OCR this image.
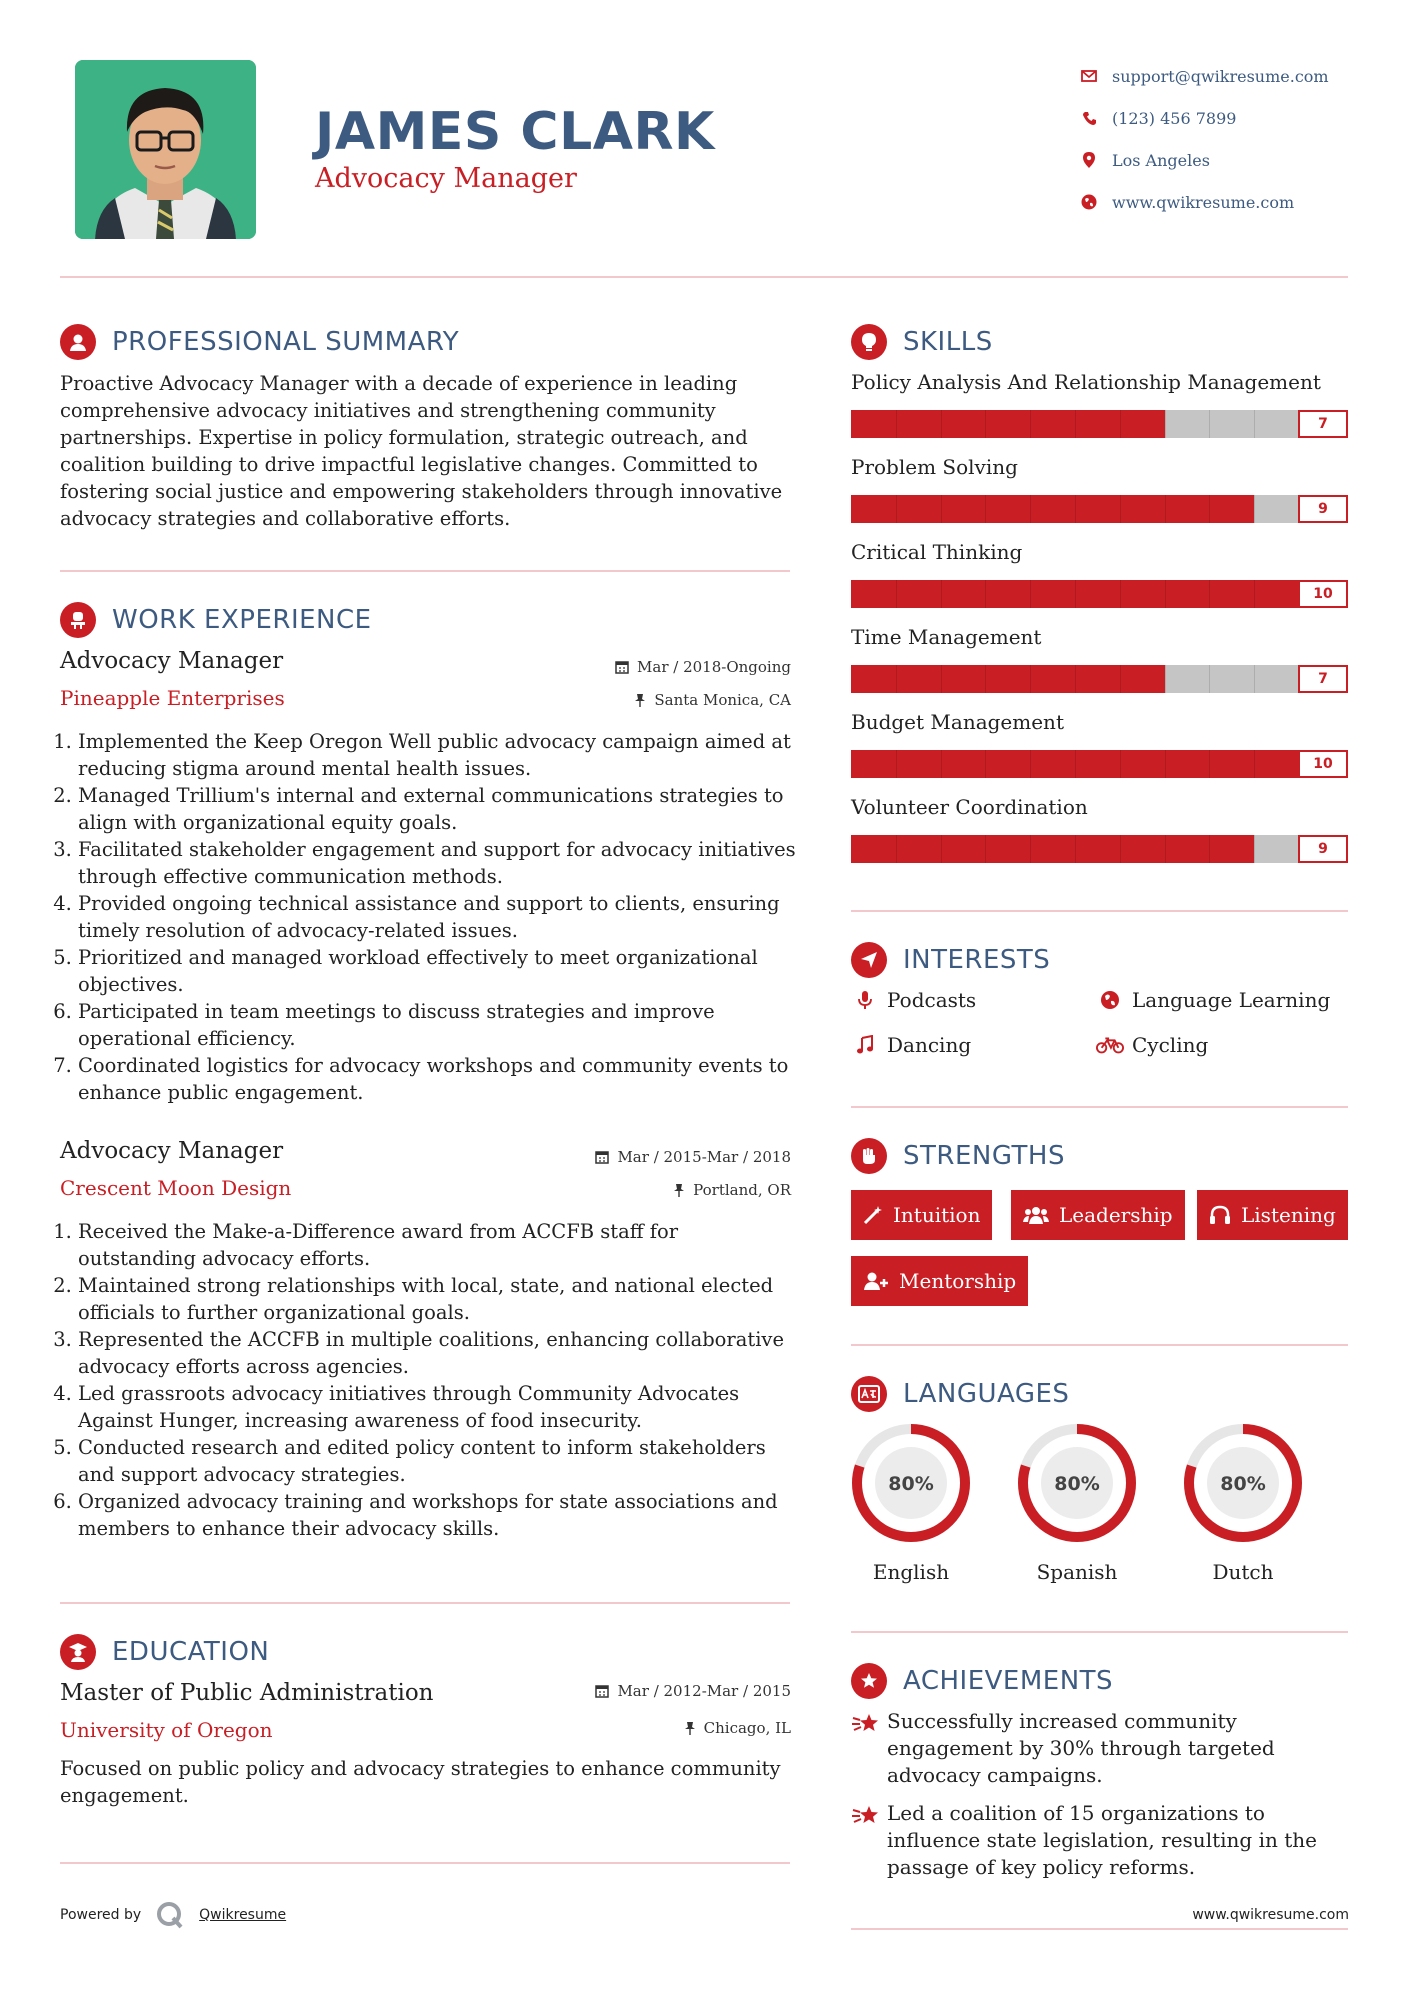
JAMES CLARK
Advocacy Manager
support@qwikresume.com
(123) 456 7899
Los Angeles
www.qwikresume.com
PROFESSIONAL SUMMARY
Proactive Advocacy Manager with a decade of experience in leading comprehensive advocacy initiatives and strengthening community partnerships. Expertise in policy formulation, strategic outreach, and coalition building to drive impactful legislative changes. Committed to fostering social justice and empowering stakeholders through innovative advocacy strategies and collaborative efforts.
WORK EXPERIENCE
Advocacy Manager
Pineapple Enterprises
Mar / 2018-Ongoing
Santa Monica, CA
1. Implemented the Keep Oregon Well public advocacy campaign aimed at reducing stigma around mental health issues.
2. Managed Trillium's internal and external communications strategies to align with organizational equity goals.
3. Facilitated stakeholder engagement and support for advocacy initiatives through effective communication methods.
4. Provided ongoing technical assistance and support to clients, ensuring timely resolution of advocacy-related issues.
5. Prioritized and managed workload effectively to meet organizational objectives.
6. Participated in team meetings to discuss strategies and improve operational efficiency.
7. Coordinated logistics for advocacy workshops and community events to enhance public engagement.
Advocacy Manager
Crescent Moon Design
Mar / 2015-Mar / 2018
Portland, OR
1. Received the Make-a-Difference award from ACCFB staff for outstanding advocacy efforts.
2. Maintained strong relationships with local, state, and national elected officials to further organizational goals.
3. Represented the ACCFB in multiple coalitions, enhancing collaborative advocacy efforts across agencies.
4. Led grassroots advocacy initiatives through Community Advocates Against Hunger, increasing awareness of food insecurity.
5. Conducted research and edited policy content to inform stakeholders and support advocacy strategies.
6. Organized advocacy training and workshops for state associations and members to enhance their advocacy skills.
EDUCATION
Master of Public Administration
University of Oregon
Mar / 2012-Mar / 2015
Chicago, IL
Focused on public policy and advocacy strategies to enhance community engagement.
SKILLS
Policy Analysis And Relationship Management
7
Problem Solving
9
Critical Thinking
10
Time Management
7
Budget Management
10
Volunteer Coordination
9
INTERESTS
Podcasts	Language Learning
Dancing	Cycling
STRENGTHS
Intuition	Leadership	Listening
Mentorship
LANGUAGES
80%
English
80%
Spanish
80%
Dutch
ACHIEVEMENTS
Successfully increased community engagement by 30% through targeted advocacy campaigns.
Led a coalition of 15 organizations to influence state legislation, resulting in the passage of key policy reforms.
Powered by	Qwikresume	www.qwikresume.com
